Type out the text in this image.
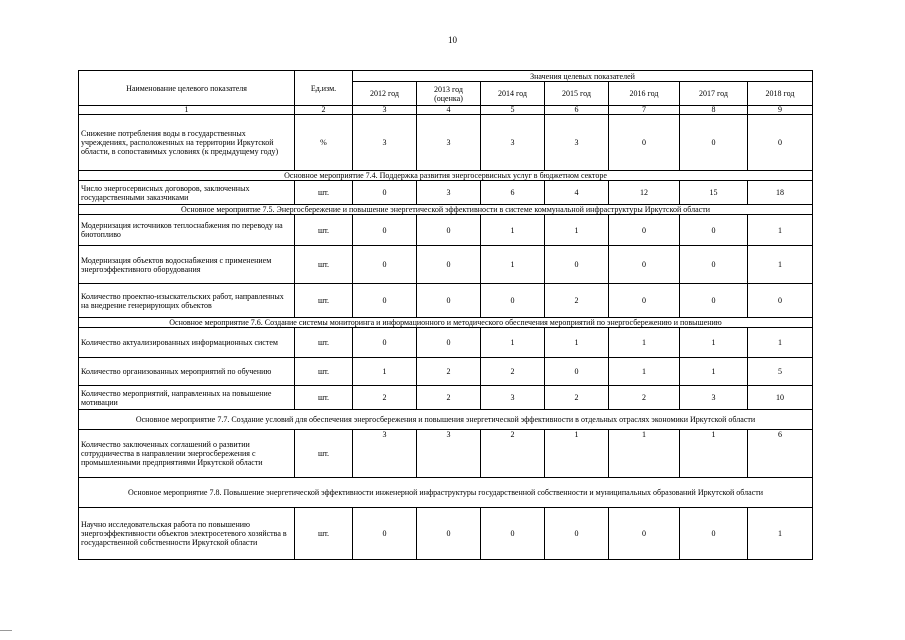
10
Наименование целевого показателя	Ед.изм.	Значения целевых показателей						
		2012 год	2013 год (оценка)	2014 год	2015 год	2016 год	2017 год	2018 год
1	2	3	4	5	6	7	8	9
Снижение потребления воды в государственных учреждениях, расположенных на территории Иркутской области, в сопоставимых условиях (к предыдущему году)	%	3	3	3	3	0	0	0
Основное мероприятие 7.4. Поддержка развития энергосервисных услуг в бюджетном секторе								
Число энергосервисных договоров, заключенных государственными заказчиками	шт.	0	3	6	4	12	15	18
Основное мероприятие 7.5. Энергосбережение и повышение энергетической эффективности в системе коммунальной инфраструктуры Иркутской области								
Модернизация источников теплоснабжения по переводу на биотопливо	шт.	0	0	1	1	0	0	1
Модернизация объектов водоснабжения с применением энергоэффективного оборудования	шт.	0	0	1	0	0	0	1
Количество проектно-изыскательских работ, направленных на внедрение генерирующих объектов	шт.	0	0	0	2	0	0	0
Основное мероприятие 7.6. Создание системы мониторинга и информационного и методического обеспечения мероприятий по энергосбережению и повышению								
Количество актуализированных информационных систем	шт.	0	0	1	1	1	1	1
Количество организованных мероприятий по обучению	шт.	1	2	2	0	1	1	5
Количество мероприятий, направленных на повышение мотивации	шт.	2	2	3	2	2	3	10
Основное мероприятие 7.7. Создание условий для обеспечения энергосбережения и повышения энергетической эффективности в отдельных отраслях экономики Иркутской области								
Количество заключенных соглашений о развитии сотрудничества в направлении энергосбережения с промышленными предприятиями Иркутской области	шт.	3	3	2	1	1	1	6
Основное мероприятие 7.8. Повышение энергетической эффективности инженерной инфраструктуры государственной собственности и муниципальных образований Иркутской области								
Научно исследовательская работа по повышению энергоэффективности объектов электросетевого хозяйства в государственной собственности Иркутской области	шт.	0	0	0	0	0	0	1
